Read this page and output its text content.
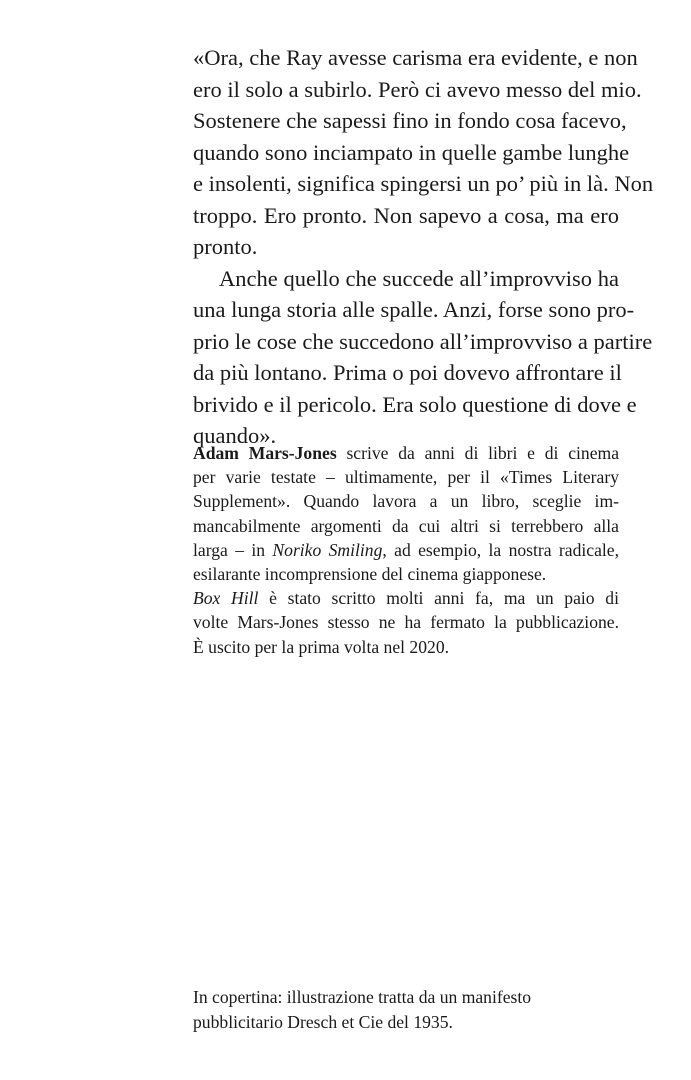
«Ora, che Ray avesse carisma era evidente, e non
ero il solo a subirlo. Però ci avevo messo del mio.
Sostenere che sapessi fino in fondo cosa facevo,
quando sono inciampato in quelle gambe lunghe
e insolenti, significa spingersi un po’ più in là. Non
troppo. Ero pronto. Non sapevo a cosa, ma ero
pronto.
Anche quello che succede all’improvviso ha
una lunga storia alle spalle. Anzi, forse sono pro-
prio le cose che succedono all’improvviso a partire
da più lontano. Prima o poi dovevo affrontare il
brivido e il pericolo. Era solo questione di dove e
quando».
Adam Mars-Jones scrive da anni di libri e di cinema
per varie testate – ultimamente, per il «Times Literary
Supplement». Quando lavora a un libro, sceglie im-
mancabilmente argomenti da cui altri si terrebbero alla
larga – in Noriko Smiling, ad esempio, la nostra radicale,
esilarante incomprensione del cinema giapponese.
Box Hill è stato scritto molti anni fa, ma un paio di
volte Mars-Jones stesso ne ha fermato la pubblicazione.
È uscito per la prima volta nel 2020.
In copertina: illustrazione tratta da un manifesto
pubblicitario Dresch et Cie del 1935.
